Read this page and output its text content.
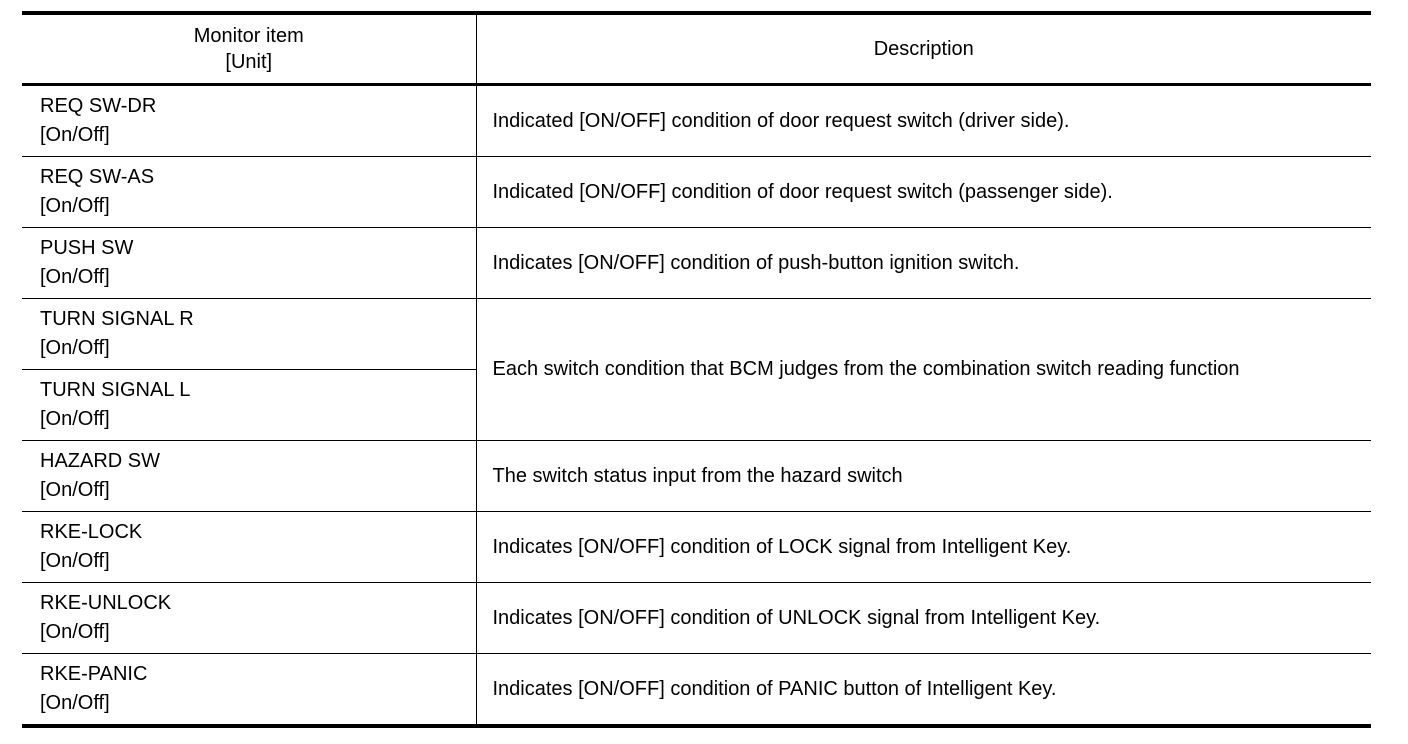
Monitor item
[Unit]	Description

REQ SW-DR
[On/Off]	Indicated [ON/OFF] condition of door request switch (driver side).

REQ SW-AS
[On/Off]	Indicated [ON/OFF] condition of door request switch (passenger side).

PUSH SW
[On/Off]	Indicates [ON/OFF] condition of push-button ignition switch.

TURN SIGNAL R
[On/Off]	Each switch condition that BCM judges from the combination switch reading function

TURN SIGNAL L
[On/Off]	

HAZARD SW
[On/Off]	The switch status input from the hazard switch

RKE-LOCK
[On/Off]	Indicates [ON/OFF] condition of LOCK signal from Intelligent Key.

RKE-UNLOCK
[On/Off]	Indicates [ON/OFF] condition of UNLOCK signal from Intelligent Key.

RKE-PANIC
[On/Off]	Indicates [ON/OFF] condition of PANIC button of Intelligent Key.
